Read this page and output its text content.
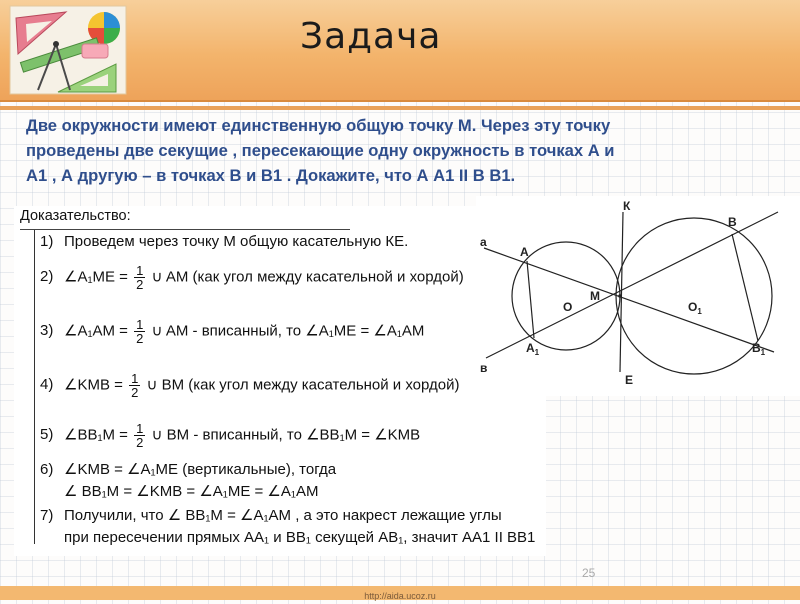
Задача
Две окружности имеют единственную общую точку М. Через эту точку
проведены две секущие , пересекающие одну окружность в точках А и
А1 , А другую – в точках В и В1 . Докажите, что А А1 II В В1.
Доказательство:
1) Проведем через точку М общую касательную КЕ.
2) ∠A₁ME = $\frac{1}{2}$ ∪ AM (как угол между касательной и хордой)
3) ∠A₁AM = $\frac{1}{2}$ ∪ AM - вписанный, то ∠A₁ME = ∠A₁AM
4) ∠KMB = $\frac{1}{2}$ ∪ BM (как угол между касательной и хордой)
5) ∠BB₁M = $\frac{1}{2}$ ∪ BM - вписанный, то ∠BB₁M = ∠KMB
6) ∠KMB = ∠A₁ME (вертикальные), тогда
∠ BB₁M = ∠KMB = ∠A₁ME = ∠A₁AM
7) Получили, что ∠ BB₁M = ∠A₁AM , а это накрест лежащие углы
при пересечении прямых AA₁ и BB₁ секущей AB₁, значит AA1 II BB1
К
Е
а
в
А
$А_1$
В
$В_1$
О
М
$О_1$
25
http://aida.ucoz.ru
